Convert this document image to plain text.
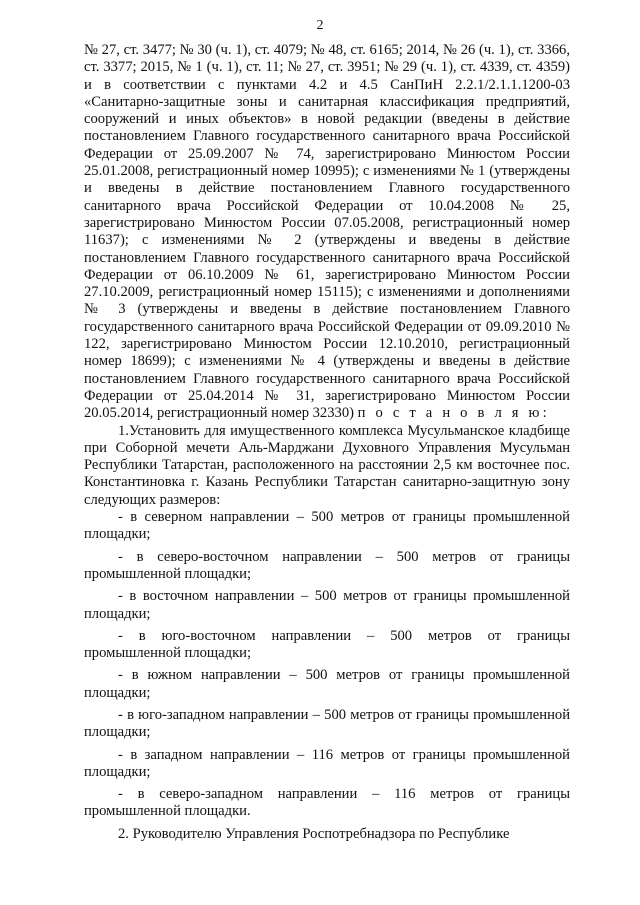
2

№ 27, ст. 3477; № 30 (ч. 1), ст. 4079; № 48, ст. 6165; 2014, № 26 (ч. 1), ст. 3366, ст. 3377; 2015, № 1 (ч. 1), ст. 11; № 27, ст. 3951; № 29 (ч. 1), ст. 4339, ст. 4359) и в соответствии с пунктами 4.2 и 4.5 СанПиН 2.2.1/2.1.1.1200-03 «Санитарно-защитные зоны и санитарная классификация предприятий, сооружений и иных объектов» в новой редакции (введены в действие постановлением Главного государственного санитарного врача Российской Федерации от 25.09.2007 № 74, зарегистрировано Минюстом России 25.01.2008, регистрационный номер 10995); с изменениями № 1 (утверждены и введены в действие постановлением Главного государственного санитарного врача Российской Федерации от 10.04.2008 № 25, зарегистрировано Минюстом России 07.05.2008, регистрационный номер 11637); с изменениями № 2 (утверждены и введены в действие постановлением Главного государственного санитарного врача Российской Федерации от 06.10.2009 № 61, зарегистрировано Минюстом России 27.10.2009, регистрационный номер 15115); с изменениями и дополнениями № 3 (утверждены и введены в действие постановлением Главного государственного санитарного врача Российской Федерации от 09.09.2010 № 122, зарегистрировано Минюстом России 12.10.2010, регистрационный номер 18699); с изменениями № 4 (утверждены и введены в действие постановлением Главного государственного санитарного врача Российской Федерации от 25.04.2014 № 31, зарегистрировано Минюстом России 20.05.2014, регистрационный номер 32330) п о с т а н о в л я ю:

1.Установить для имущественного комплекса Мусульманское кладбище при Соборной мечети Аль-Марджани Духовного Управления Мусульман Республики Татарстан, расположенного на расстоянии 2,5 км восточнее пос. Константиновка г. Казань Республики Татарстан санитарно-защитную зону следующих размеров:

- в северном направлении – 500 метров от границы промышленной площадки;
- в северо-восточном направлении – 500 метров от границы промышленной площадки;
- в восточном направлении – 500 метров от границы промышленной площадки;
- в юго-восточном направлении – 500 метров от границы промышленной площадки;
- в южном направлении – 500 метров от границы промышленной площадки;
- в юго-западном направлении – 500 метров от границы промышленной площадки;
- в западном направлении – 116 метров от границы промышленной площадки;
- в северо-западном направлении – 116 метров от границы промышленной площадки.

2. Руководителю Управления Роспотребнадзора по Республике
